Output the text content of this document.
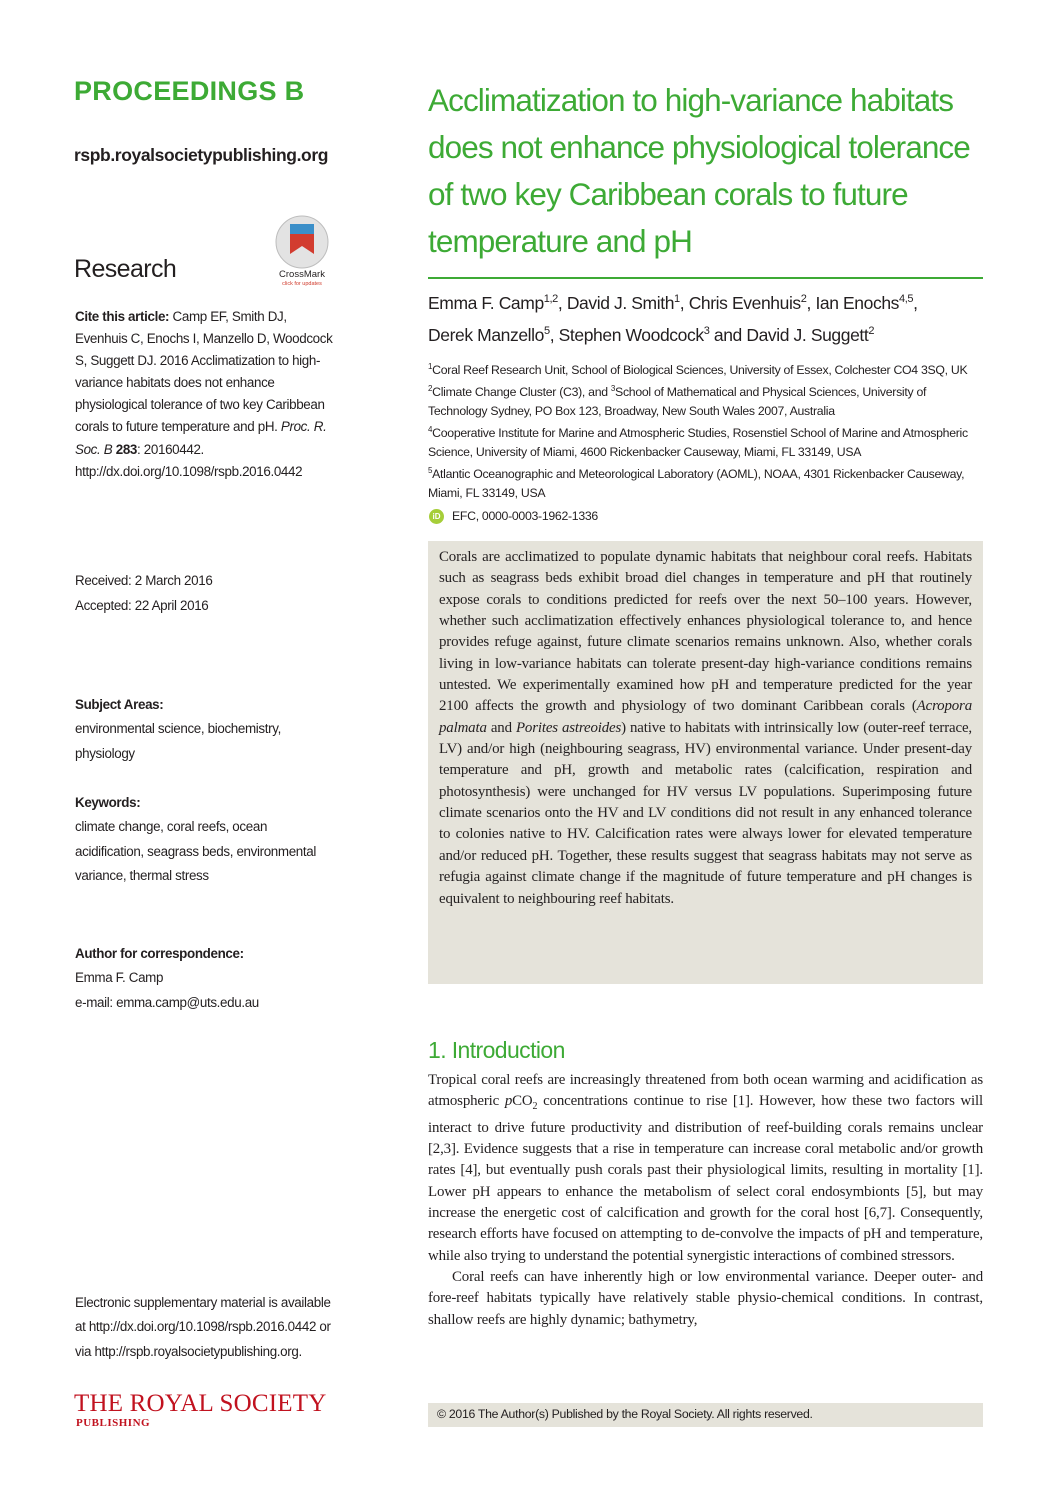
PROCEEDINGS B
rspb.royalsocietypublishing.org
Research	CrossMark
click for updates
Cite this article: Camp EF, Smith DJ, Evenhuis C, Enochs I, Manzello D, Woodcock S, Suggett DJ. 2016 Acclimatization to high-variance habitats does not enhance physiological tolerance of two key Caribbean corals to future temperature and pH. Proc. R. Soc. B 283: 20160442.
http://dx.doi.org/10.1098/rspb.2016.0442
Received: 2 March 2016
Accepted: 22 April 2016
Subject Areas:
environmental science, biochemistry, physiology
Keywords:
climate change, coral reefs, ocean acidification, seagrass beds, environmental variance, thermal stress
Author for correspondence:
Emma F. Camp
e-mail: emma.camp@uts.edu.au
Electronic supplementary material is available at http://dx.doi.org/10.1098/rspb.2016.0442 or via http://rspb.royalsocietypublishing.org.
THE ROYAL SOCIETY
PUBLISHING
Acclimatization to high-variance habitats does not enhance physiological tolerance of two key Caribbean corals to future temperature and pH
Emma F. Camp$^{1,2}$, David J. Smith$^1$, Chris Evenhuis$^2$, Ian Enochs$^{4,5}$,
Derek Manzello$^5$, Stephen Woodcock$^3$ and David J. Suggett$^2$
$^1$Coral Reef Research Unit, School of Biological Sciences, University of Essex, Colchester CO4 3SQ, UK
$^2$Climate Change Cluster (C3), and $^3$School of Mathematical and Physical Sciences, University of Technology Sydney, PO Box 123, Broadway, New South Wales 2007, Australia
$^4$Cooperative Institute for Marine and Atmospheric Studies, Rosenstiel School of Marine and Atmospheric Science, University of Miami, 4600 Rickenbacker Causeway, Miami, FL 33149, USA
$^5$Atlantic Oceanographic and Meteorological Laboratory (AOML), NOAA, 4301 Rickenbacker Causeway, Miami, FL 33149, USA
iD EFC, 0000-0003-1962-1336
Corals are acclimatized to populate dynamic habitats that neighbour coral reefs. Habitats such as seagrass beds exhibit broad diel changes in temperature and pH that routinely expose corals to conditions predicted for reefs over the next 50–100 years. However, whether such acclimatization effectively enhances physiological tolerance to, and hence provides refuge against, future climate scenarios remains unknown. Also, whether corals living in low-variance habitats can tolerate present-day high-variance conditions remains untested. We experimentally examined how pH and temperature predicted for the year 2100 affects the growth and physiology of two dominant Caribbean corals (Acropora palmata and Porites astreoides) native to habitats with intrinsically low (outer-reef terrace, LV) and/or high (neighbouring seagrass, HV) environmental variance. Under present-day temperature and pH, growth and metabolic rates (calcification, respiration and photosynthesis) were unchanged for HV versus LV populations. Superimposing future climate scenarios onto the HV and LV conditions did not result in any enhanced tolerance to colonies native to HV. Calcification rates were always lower for elevated temperature and/or reduced pH. Together, these results suggest that seagrass habitats may not serve as refugia against climate change if the magnitude of future temperature and pH changes is equivalent to neighbouring reef habitats.
1. Introduction

Tropical coral reefs are increasingly threatened from both ocean warming and acidification as atmospheric pCO$_2$ concentrations continue to rise [1]. However, how these two factors will interact to drive future productivity and distribution of reef-building corals remains unclear [2,3]. Evidence suggests that a rise in temperature can increase coral metabolic and/or growth rates [4], but eventually push corals past their physiological limits, resulting in mortality [1]. Lower pH appears to enhance the metabolism of select coral endosymbionts [5], but may increase the energetic cost of calcification and growth for the coral host [6,7]. Consequently, research efforts have focused on attempting to de-convolve the impacts of pH and temperature, while also trying to understand the potential synergistic interactions of combined stressors.

Coral reefs can have inherently high or low environmental variance. Deeper outer- and fore-reef habitats typically have relatively stable physio-chemical conditions. In contrast, shallow reefs are highly dynamic; bathymetry,

© 2016 The Author(s) Published by the Royal Society. All rights reserved.
